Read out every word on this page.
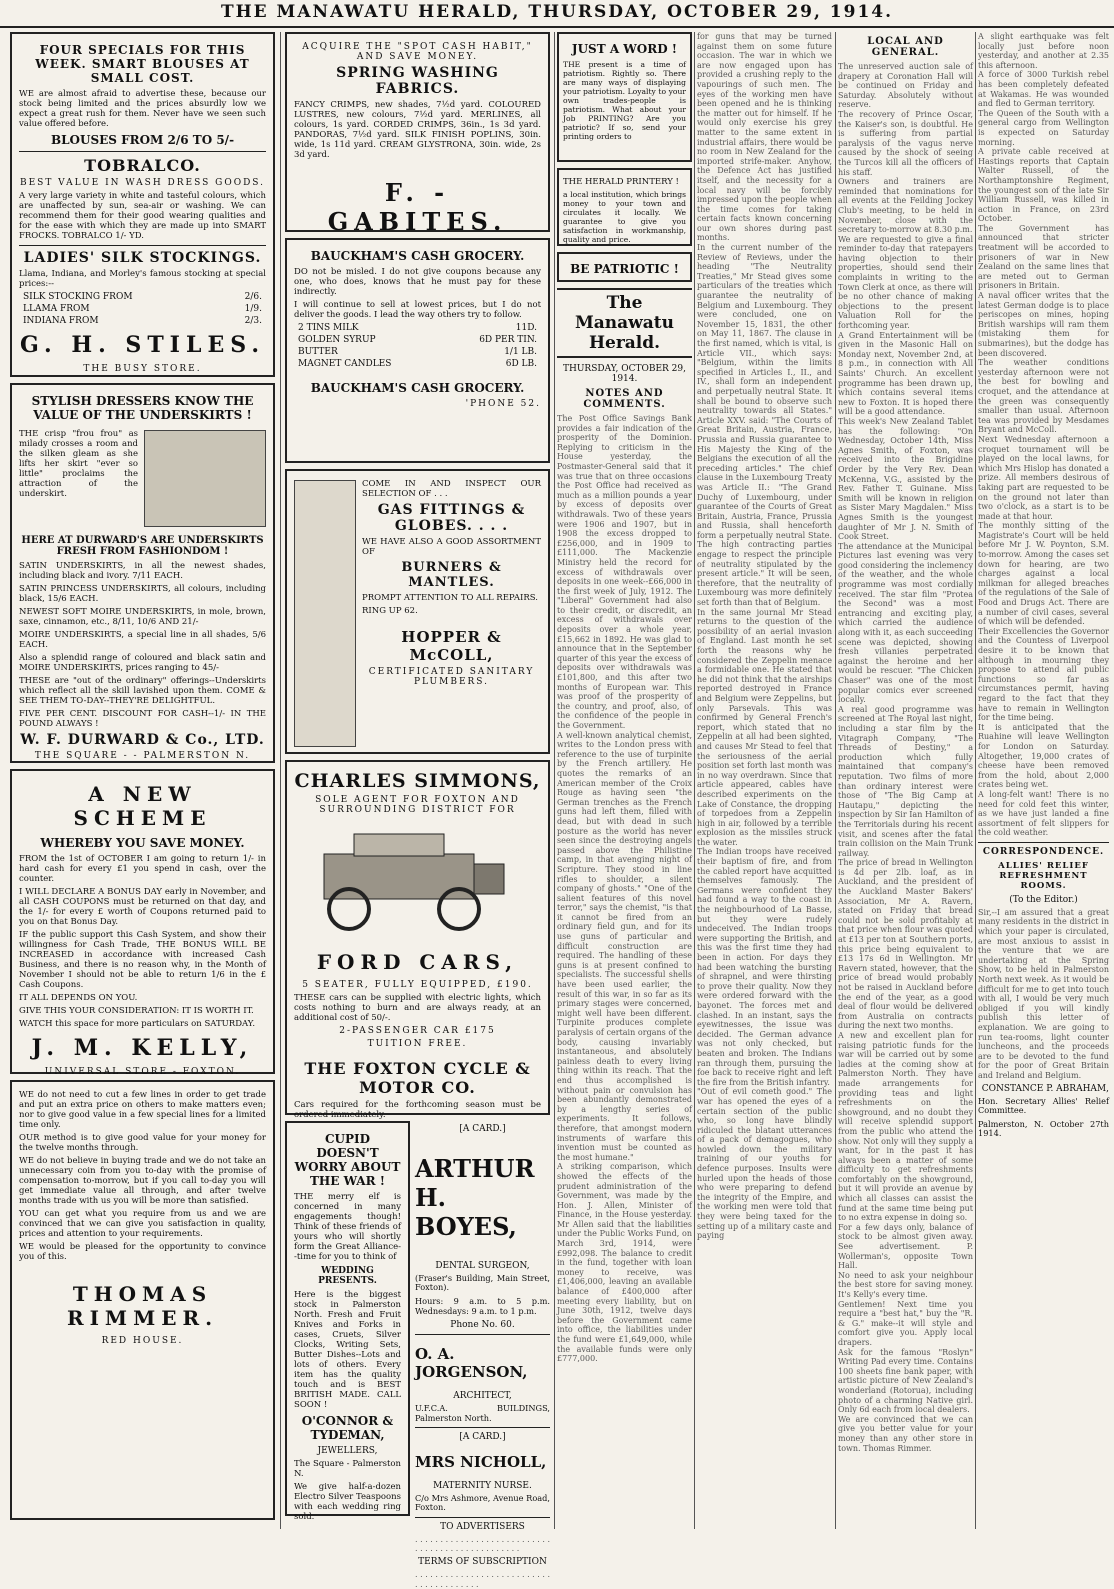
THE MANAWATU HERALD, THURSDAY, OCTOBER 29, 1914.
FOUR SPECIALS FOR THIS WEEK. SMART BLOUSES AT SMALL COST.

WE are almost afraid to advertise these, because our stock being limited and the prices absurdly low we expect a great rush for them. Never have we seen such value offered before.

BLOUSES FROM 2/6 TO 5/-
TOBRALCO.
BEST VALUE IN WASH DRESS GOODS.

A very large variety in white and tasteful colours, which are unaffected by sun, sea-air or washing. We can recommend them for their good wearing qualities and for the ease with which they are made up into SMART FROCKS. TOBRALCO 1/- YD.

LADIES' SILK STOCKINGS.

Llama, Indiana, and Morley's famous stocking at special prices:--

SILK STOCKING FROM	2/6.
LLAMA FROM	1/9.
INDIANA FROM	2/3.
G. H. STILES.
THE BUSY STORE.
STYLISH DRESSERS KNOW THE VALUE OF THE UNDERSKIRTS !

THE crisp "frou frou" as milady crosses a room and the silken gleam as she lifts her skirt "ever so little" proclaims the attraction of the underskirt.

HERE AT DURWARD'S ARE UNDERSKIRTS FRESH FROM FASHIONDOM !

SATIN UNDERSKIRTS, in all the newest shades, including black and ivory. 7/11 EACH.

SATIN PRINCESS UNDERSKIRTS, all colours, including black, 15/6 EACH.

NEWEST SOFT MOIRE UNDERSKIRTS, in mole, brown, saxe, cinnamon, etc., 8/11, 10/6 AND 21/-

MOIRE UNDERSKIRTS, a special line in all shades, 5/6 EACH.

Also a splendid range of coloured and black satin and MOIRE UNDERSKIRTS, prices ranging to 45/-

THESE are "out of the ordinary" offerings--Underskirts which reflect all the skill lavished upon them. COME & SEE THEM TO-DAY--THEY'RE DELIGHTFUL.

FIVE PER CENT. DISCOUNT FOR CASH--1/- IN THE POUND ALWAYS !

W. F. DURWARD & Co., LTD.
THE SQUARE - - PALMERSTON N.
A NEW SCHEME
WHEREBY YOU SAVE MONEY.

FROM the 1st of OCTOBER I am going to return 1/- in hard cash for every £1 you spend in cash, over the counter.

I WILL DECLARE A BONUS DAY early in November, and all CASH COUPONS must be returned on that day, and the 1/- for every £ worth of Coupons returned paid to you on that Bonus Day.

IF the public support this Cash System, and show their willingness for Cash Trade, THE BONUS WILL BE INCREASED in accordance with increased Cash Business, and there is no reason why, in the Month of November I should not be able to return 1/6 in the £ Cash Coupons.

IT ALL DEPENDS ON YOU.

GIVE THIS YOUR CONSIDERATION: IT IS WORTH IT.

WATCH this space for more particulars on SATURDAY.

J. M. KELLY,
UNIVERSAL STORE - FOXTON.

WE do not need to cut a few lines in order to get trade and put an extra price on others to make matters even; nor to give good value in a few special lines for a limited time only.

OUR method is to give good value for your money for the twelve months through.

WE do not believe in buying trade and we do not take an unnecessary coin from you to-day with the promise of compensation to-morrow, but if you call to-day you will get immediate value all through, and after twelve months trade with us you will be more than satisfied.

YOU can get what you require from us and we are convinced that we can give you satisfaction in quality, prices and attention to your requirements.

WE would be pleased for the opportunity to convince you of this.

THOMAS RIMMER.
RED HOUSE.
ACQUIRE THE "SPOT CASH HABIT," AND SAVE MONEY.
SPRING WASHING FABRICS.

FANCY CRIMPS, new shades, 7½d yard. COLOURED LUSTRES, new colours, 7½d yard. MERLINES, all colours, 1s yard. CORDED CRIMPS, 36in., 1s 3d yard. PANDORAS, 7½d yard. SILK FINISH POPLINS, 30in. wide, 1s 11d yard. CREAM GLYSTRONA, 30in. wide, 2s 3d yard.

F. - GABITES.
BAUCKHAM'S CASH GROCERY.

DO not be misled. I do not give coupons because any one, who does, knows that he must pay for these indirectly.

I will continue to sell at lowest prices, but I do not deliver the goods. I lead the way others try to follow.

2 TINS MILK	11D.
GOLDEN SYRUP	6D PER TIN.
BUTTER	1/1 LB.
MAGNET CANDLES	6D LB.
BAUCKHAM'S CASH GROCERY.
'PHONE 52.

COME IN AND INSPECT OUR SELECTION OF . . .

GAS FITTINGS & GLOBES. . . .

WE HAVE ALSO A GOOD ASSORTMENT OF

BURNERS & MANTLES.

PROMPT ATTENTION TO ALL REPAIRS.

RING UP 62.

HOPPER & McCOLL,
CERTIFICATED SANITARY PLUMBERS.
CHARLES SIMMONS,
SOLE AGENT FOR FOXTON AND SURROUNDING DISTRICT FOR
FORD CARS,
5 SEATER, FULLY EQUIPPED, £190.

THESE cars can be supplied with electric lights, which costs nothing to burn and are always ready, at an additional cost of 50/-.

2-PASSENGER CAR £175
TUITION FREE.
THE FOXTON CYCLE & MOTOR CO.

Cars required for the forthcoming season must be ordered immediately.

CUPID DOESN'T WORRY ABOUT THE WAR !

THE merry elf is concerned in many engagements though! Think of these friends of yours who will shortly form the Great Alliance--time for you to think of

WEDDING PRESENTS.

Here is the biggest stock in Palmerston North. Fresh and Fruit Knives and Forks in cases, Cruets, Silver Clocks, Writing Sets, Butter Dishes--Lots and lots of others. Every item has the quality touch and is BEST BRITISH MADE. CALL SOON !

O'CONNOR & TYDEMAN,
JEWELLERS,

The Square - Palmerston N.

We give half-a-dozen Electro Silver Teaspoons with each wedding ring sold.

[A CARD.]
ARTHUR H. BOYES,
DENTAL SURGEON,

(Fraser's Building, Main Street, Foxton).

Hours: 9 a.m. to 5 p.m. Wednesdays: 9 a.m. to 1 p.m.

Phone No. 60.
O. A. JORGENSON,
ARCHITECT,

U.F.C.A. BUILDINGS, Palmerston North.

[A CARD.]
MRS NICHOLL,
MATERNITY NURSE.

C/o Mrs Ashmore, Avenue Road, Foxton.

TO ADVERTISERS

. . . . . . . . . . . . . . . . . . . . . . . . . . . . . . . . . . . . . . . . . . . . . . . .

TERMS OF SUBSCRIPTION

. . . . . . . . . . . . . . . . . . . . . . . . . . . . . . . . . . . . . . . .

JUST A WORD !

THE present is a time of patriotism. Rightly so. There are many ways of displaying your patriotism. Loyalty to your own trades-people is patriotism. What about your Job PRINTING? Are you patriotic? If so, send your printing orders to

THE HERALD PRINTERY !

a local institution, which brings money to your town and circulates it locally. We guarantee to give you satisfaction in workmanship, quality and price.

BE PATRIOTIC !
The Manawatu Herald.
THURSDAY, OCTOBER 29, 1914.
NOTES AND COMMENTS.

The Post Office Savings Bank provides a fair indication of the prosperity of the Dominion. Replying to criticism in the House yesterday, the Postmaster-General said that it was true that on three occasions the Post Office had received as much as a million pounds a year by excess of deposits over withdrawals. Two of these years were 1906 and 1907, but in 1908 the excess dropped to £256,000, and in 1909 to £111,000. The Mackenzie Ministry held the record for excess of withdrawals over deposits in one week--£66,000 in the first week of July, 1912. The "Liberal" Government had also to their credit, or discredit, an excess of withdrawals over deposits over a whole year, £15,662 in 1892. He was glad to announce that in the September quarter of this year the excess of deposits over withdrawals was £101,800, and this after two months of European war. This was proof of the prosperity of the country, and proof, also, of the confidence of the people in the Government.

A well-known analytical chemist, writes to the London press with reference to the use of turpinite by the French artillery. He quotes the remarks of an American member of the Croix Rouge as having seen "the German trenches as the French guns had left them, filled with dead, but with dead in such posture as the world has never seen since the destroying angels passed above the Philistine camp, in that avenging night of Scripture. They stood in line rifles to shoulder, a silent company of ghosts." "One of the salient features of this novel terror," says the chemist, "is that it cannot be fired from an ordinary field gun, and for its use guns of particular and difficult construction are required. The handling of these guns is at present confined to specialists. The successful shells have been used earlier, the result of this war, in so far as its primary stages were concerned, might well have been different. Turpinite produces complete paralysis of certain organs of the body, causing invariably instantaneous, and absolutely painless death to every living thing within its reach. That the end thus accomplished is without pain or convulsion has been abundantly demonstrated by a lengthy series of experiments. It follows, therefore, that amongst modern instruments of warfare this invention must be counted as the most humane."

A striking comparison, which showed the effects of the prudent administration of the Government, was made by the Hon. J. Allen, Minister of Finance, in the House yesterday. Mr Allen said that the liabilities under the Public Works Fund, on March 3rd, 1914, were £992,098. The balance to credit in the fund, together with loan money to receive, was £1,406,000, leaving an available balance of £400,000 after meeting every liability, but on June 30th, 1912, twelve days before the Government came into office, the liabilities under the fund were £1,649,000, while the available funds were only £777,000.

for guns that may be turned against them on some future occasion. The war in which we are now engaged upon has provided a crushing reply to the vapourings of such men. The eyes of the working men have been opened and he is thinking the matter out for himself. If he would only exercise his grey matter to the same extent in industrial affairs, there would be no room in New Zealand for the imported strife-maker. Anyhow, the Defence Act has justified itself, and the necessity for a local navy will be forcibly impressed upon the people when the time comes for taking certain facts known concerning our own shores during past months.

In the current number of the Review of Reviews, under the heading "The Neutrality Treaties," Mr Stead gives some particulars of the treaties which guarantee the neutrality of Belgium and Luxembourg. They were concluded, one on November 15, 1831, the other on May 11, 1867. The clause in the first named, which is vital, is Article VII., which says: "Belgium, within the limits specified in Articles I., II., and IV., shall form an independent and perpetually neutral State. It shall be bound to observe such neutrality towards all States." Article XXV. said: "The Courts of Great Britain, Austria, France, Prussia and Russia guarantee to His Majesty the King of the Belgians the execution of all the preceding articles." The chief clause in the Luxembourg Treaty was Article II.: "The Grand Duchy of Luxembourg, under guarantee of the Courts of Great Britain, Austria, France, Prussia and Russia, shall henceforth form a perpetually neutral State. The high contracting parties engage to respect the principle of neutrality stipulated by the present article." It will be seen, therefore, that the neutrality of Luxembourg was more definitely set forth than that of Belgium.

In the same journal Mr Stead returns to the question of the possibility of an aerial invasion of England. Last month he set forth the reasons why he considered the Zeppelin menace a formidable one. He stated that he did not think that the airships reported destroyed in France and Belgium were Zeppelins, but only Parsevals. This was confirmed by General French's report, which stated that no Zeppelin at all had been sighted, and causes Mr Stead to feel that the seriousness of the aerial position set forth last month was in no way overdrawn. Since that article appeared, cables have described experiments on the Lake of Constance, the dropping of torpedoes from a Zeppelin high in air, followed by a terrible explosion as the missiles struck the water.

The Indian troops have received their baptism of fire, and from the cabled report have acquitted themselves famously. The Germans were confident they had found a way to the coast in the neighbourhood of La Basse, but they were rudely undeceived. The Indian troops were supporting the British, and this was the first time they had been in action. For days they had been watching the bursting of shrapnel, and were thirsting to prove their quality. Now they were ordered forward with the bayonet. The forces met and clashed. In an instant, says the eyewitnesses, the issue was decided. The German advance was not only checked, but beaten and broken. The Indians ran through them, pursuing the foe back to receive right and left the fire from the British infantry.

"Out of evil cometh good." The war has opened the eyes of a certain section of the public who, so long have blindly ridiculed the blatant utterances of a pack of demagogues, who howled down the military training of our youths for defence purposes. Insults were hurled upon the heads of those who were preparing to defend the integrity of the Empire, and the working men were told that they were being taxed for the setting up of a military caste and paying

LOCAL AND GENERAL.

The unreserved auction sale of drapery at Coronation Hall will be continued on Friday and Saturday. Absolutely without reserve.

The recovery of Prince Oscar, the Kaiser's son, is doubtful. He is suffering from partial paralysis of the vagus nerve caused by the shock of seeing the Turcos kill all the officers of his staff.

Owners and trainers are reminded that nominations for all events at the Feilding Jockey Club's meeting, to be held in November, close with the secretary to-morrow at 8.30 p.m.

We are requested to give a final reminder to-day that ratepayers having objection to their properties, should send their complaints in writing to the Town Clerk at once, as there will be no other chance of making objections to the present Valuation Roll for the forthcoming year.

A Grand Entertainment will be given in the Masonic Hall on Monday next, November 2nd, at 8 p.m., in connection with All Saints' Church. An excellent programme has been drawn up, which contains several items new to Foxton. It is hoped there will be a good attendance.

This week's New Zealand Tablet has the following: "On Wednesday, October 14th, Miss Agnes Smith, of Foxton, was received into the Brigidine Order by the Very Rev. Dean McKenna, V.G., assisted by the Rev. Father T. Guinane. Miss Smith will be known in religion as Sister Mary Magdalen." Miss Agnes Smith is the youngest daughter of Mr J. N. Smith of Cook Street.

The attendance at the Municipal Pictures last evening was very good considering the inclemency of the weather, and the whole programme was most cordially received. The star film "Protea the Second" was a most entrancing and exciting play, which carried the audience along with it, as each succeeding scene was depicted, showing fresh villanies perpetrated against the heroine and her would be rescuer. "The Chicken Chaser" was one of the most popular comics ever screened locally.

A real good programme was screened at The Royal last night, including a star film by the Vitagraph Company, "The Threads of Destiny," a production which fully maintained that company's reputation. Two films of more than ordinary interest were those of "The Big Camp at Hautapu," depicting the inspection by Sir Ian Hamilton of the Territorials during his recent visit, and scenes after the fatal train collision on the Main Trunk railway.

The price of bread in Wellington is 4d per 2lb. loaf, as in Auckland, and the president of the Auckland Master Bakers' Association, Mr A. Ravern, stated on Friday that bread could not be sold profitably at that price when flour was quoted at £13 per ton at Southern ports, this price being equivalent to £13 17s 6d in Wellington. Mr Ravern stated, however, that the price of bread would probably not be raised in Auckland before the end of the year, as a good deal of flour would be delivered from Australia on contracts during the next two months.

A new and excellent plan for raising patriotic funds for the war will be carried out by some ladies at the coming show at Palmerston North. They have made arrangements for providing teas and light refreshments on the showground, and no doubt they will receive splendid support from the public who attend the show. Not only will they supply a want, for in the past it has always been a matter of some difficulty to get refreshments comfortably on the showground, but it will provide an avenue by which all classes can assist the fund at the same time being put to no extra expense in doing so.

For a few days only, balance of stock to be almost given away. See advertisement. P. Wollerman's, opposite Town Hall.

No need to ask your neighbour the best store for saving money. It's Kelly's every time.

Gentlemen! Next time you require a "best hat," buy the "R. & G." make--it will style and comfort give you. Apply local drapers.

Ask for the famous "Roslyn" Writing Pad every time. Contains 100 sheets fine bank paper, with artistic picture of New Zealand's wonderland (Rotorua), including photo of a charming Native girl. Only 6d each from local dealers.

We are convinced that we can give you better value for your money than any other store in town. Thomas Rimmer.

A slight earthquake was felt locally just before noon yesterday, and another at 2.35 this afternoon.

A force of 3000 Turkish rebel has been completely defeated at Wakamas. He was wounded and fled to German territory.

The Queen of the South with a general cargo from Wellington is expected on Saturday morning.

A private cable received at Hastings reports that Captain Walter Russell, of the Northamptonshire Regiment, the youngest son of the late Sir William Russell, was killed in action in France, on 23rd October.

The Government has announced that stricter treatment will be accorded to prisoners of war in New Zealand on the same lines that are meted out to German prisoners in Britain.

A naval officer writes that the latest German dodge is to place periscopes on mines, hoping British warships will ram them (mistaking them for submarines), but the dodge has been discovered.

The weather conditions yesterday afternoon were not the best for bowling and croquet, and the attendance at the green was consequently smaller than usual. Afternoon tea was provided by Mesdames Bryant and McColl.

Next Wednesday afternoon a croquet tournament will be played on the local lawns, for which Mrs Hislop has donated a prize. All members desirous of taking part are requested to be on the ground not later than two o'clock, as a start is to be made at that hour.

The monthly sitting of the Magistrate's Court will be held before Mr J. W. Poynton, S.M. to-morrow. Among the cases set down for hearing, are two charges against a local milkman for alleged breaches of the regulations of the Sale of Food and Drugs Act. There are a number of civil cases, several of which will be defended.

Their Excellencies the Governor and the Countess of Liverpool desire it to be known that although in mourning they propose to attend all public functions so far as circumstances permit, having regard to the fact that they have to remain in Wellington for the time being.

It is anticipated that the Ruahine will leave Wellington for London on Saturday. Altogether, 19,000 crates of cheese have been removed from the hold, about 2,000 crates being wet.

A long-felt want! There is no need for cold feet this winter, as we have just landed a fine assortment of felt slippers for the cold weather.

CORRESPONDENCE.
ALLIES' RELIEF REFRESHMENT ROOMS.
(To the Editor.)

Sir,--I am assured that a great many residents in the district in which your paper is circulated, are most anxious to assist in the venture that we are undertaking at the Spring Show, to be held in Palmerston North next week. As it would be difficult for me to get into touch with all, I would be very much obliged if you will kindly publish this letter of explanation. We are going to run tea-rooms, light counter luncheons, and the proceeds are to be devoted to the fund for the poor of Great Britain and Ireland and Belgium.

CONSTANCE P. ABRAHAM,

Hon. Secretary Allies' Relief Committee.

Palmerston, N. October 27th 1914.
